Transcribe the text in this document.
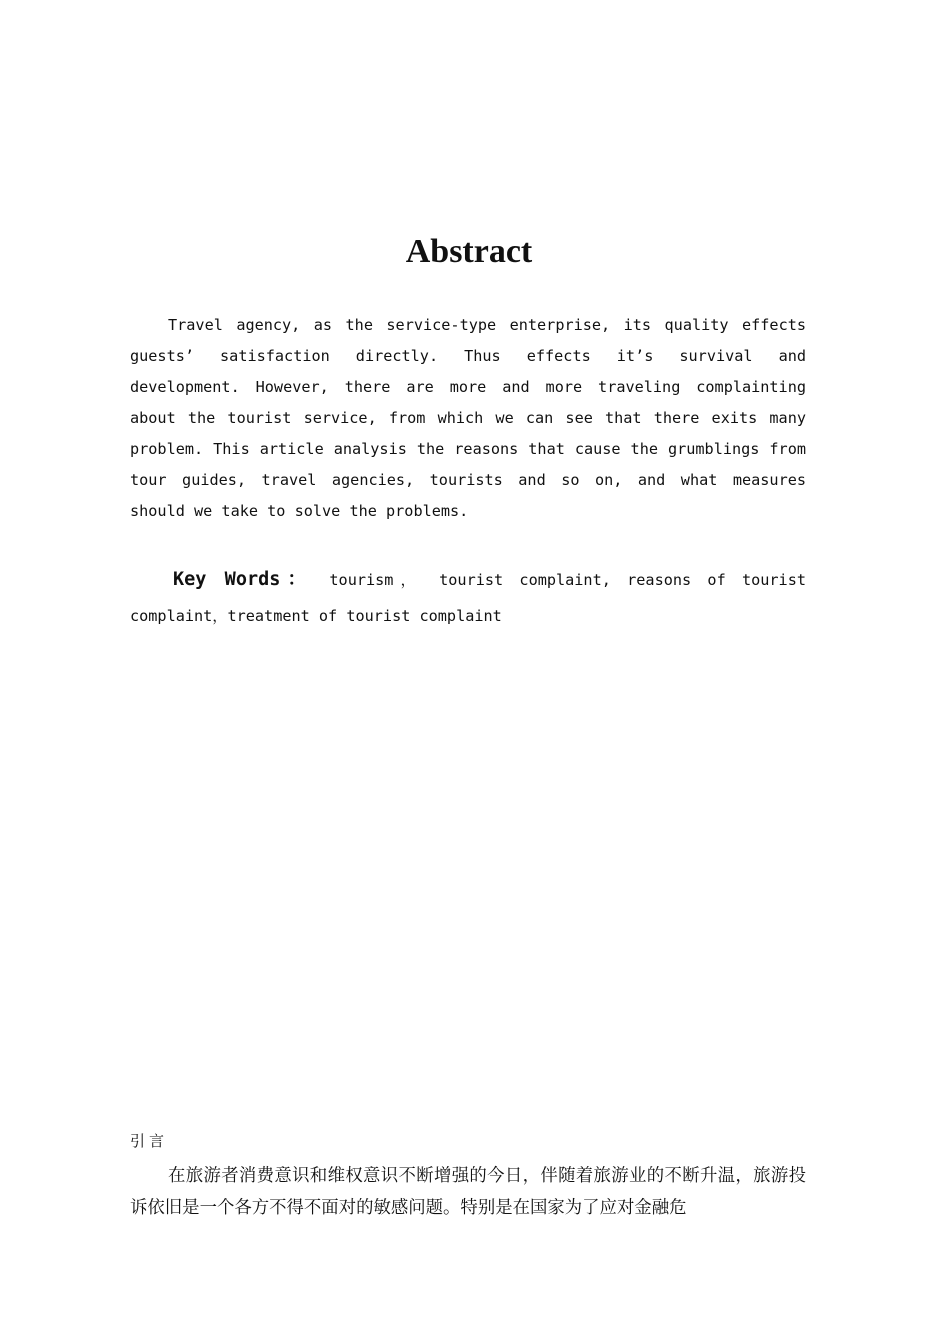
Abstract

Travel agency, as the service-type enterprise, its quality effects guests’ satisfaction directly. Thus effects it’s survival and development. However, there are more and more traveling complainting about the tourist service, from which we can see that there exits many problem. This article analysis the reasons that cause the grumblings from tour guides, travel agencies, tourists and so on, and what measures should we take to solve the problems.

Key Words： tourism， tourist complaint, reasons of tourist complaint，treatment of tourist complaint

引言

在旅游者消费意识和维权意识不断增强的今日，伴随着旅游业的不断升温，旅游投诉依旧是一个各方不得不面对的敏感问题。特别是在国家为了应对金融危
